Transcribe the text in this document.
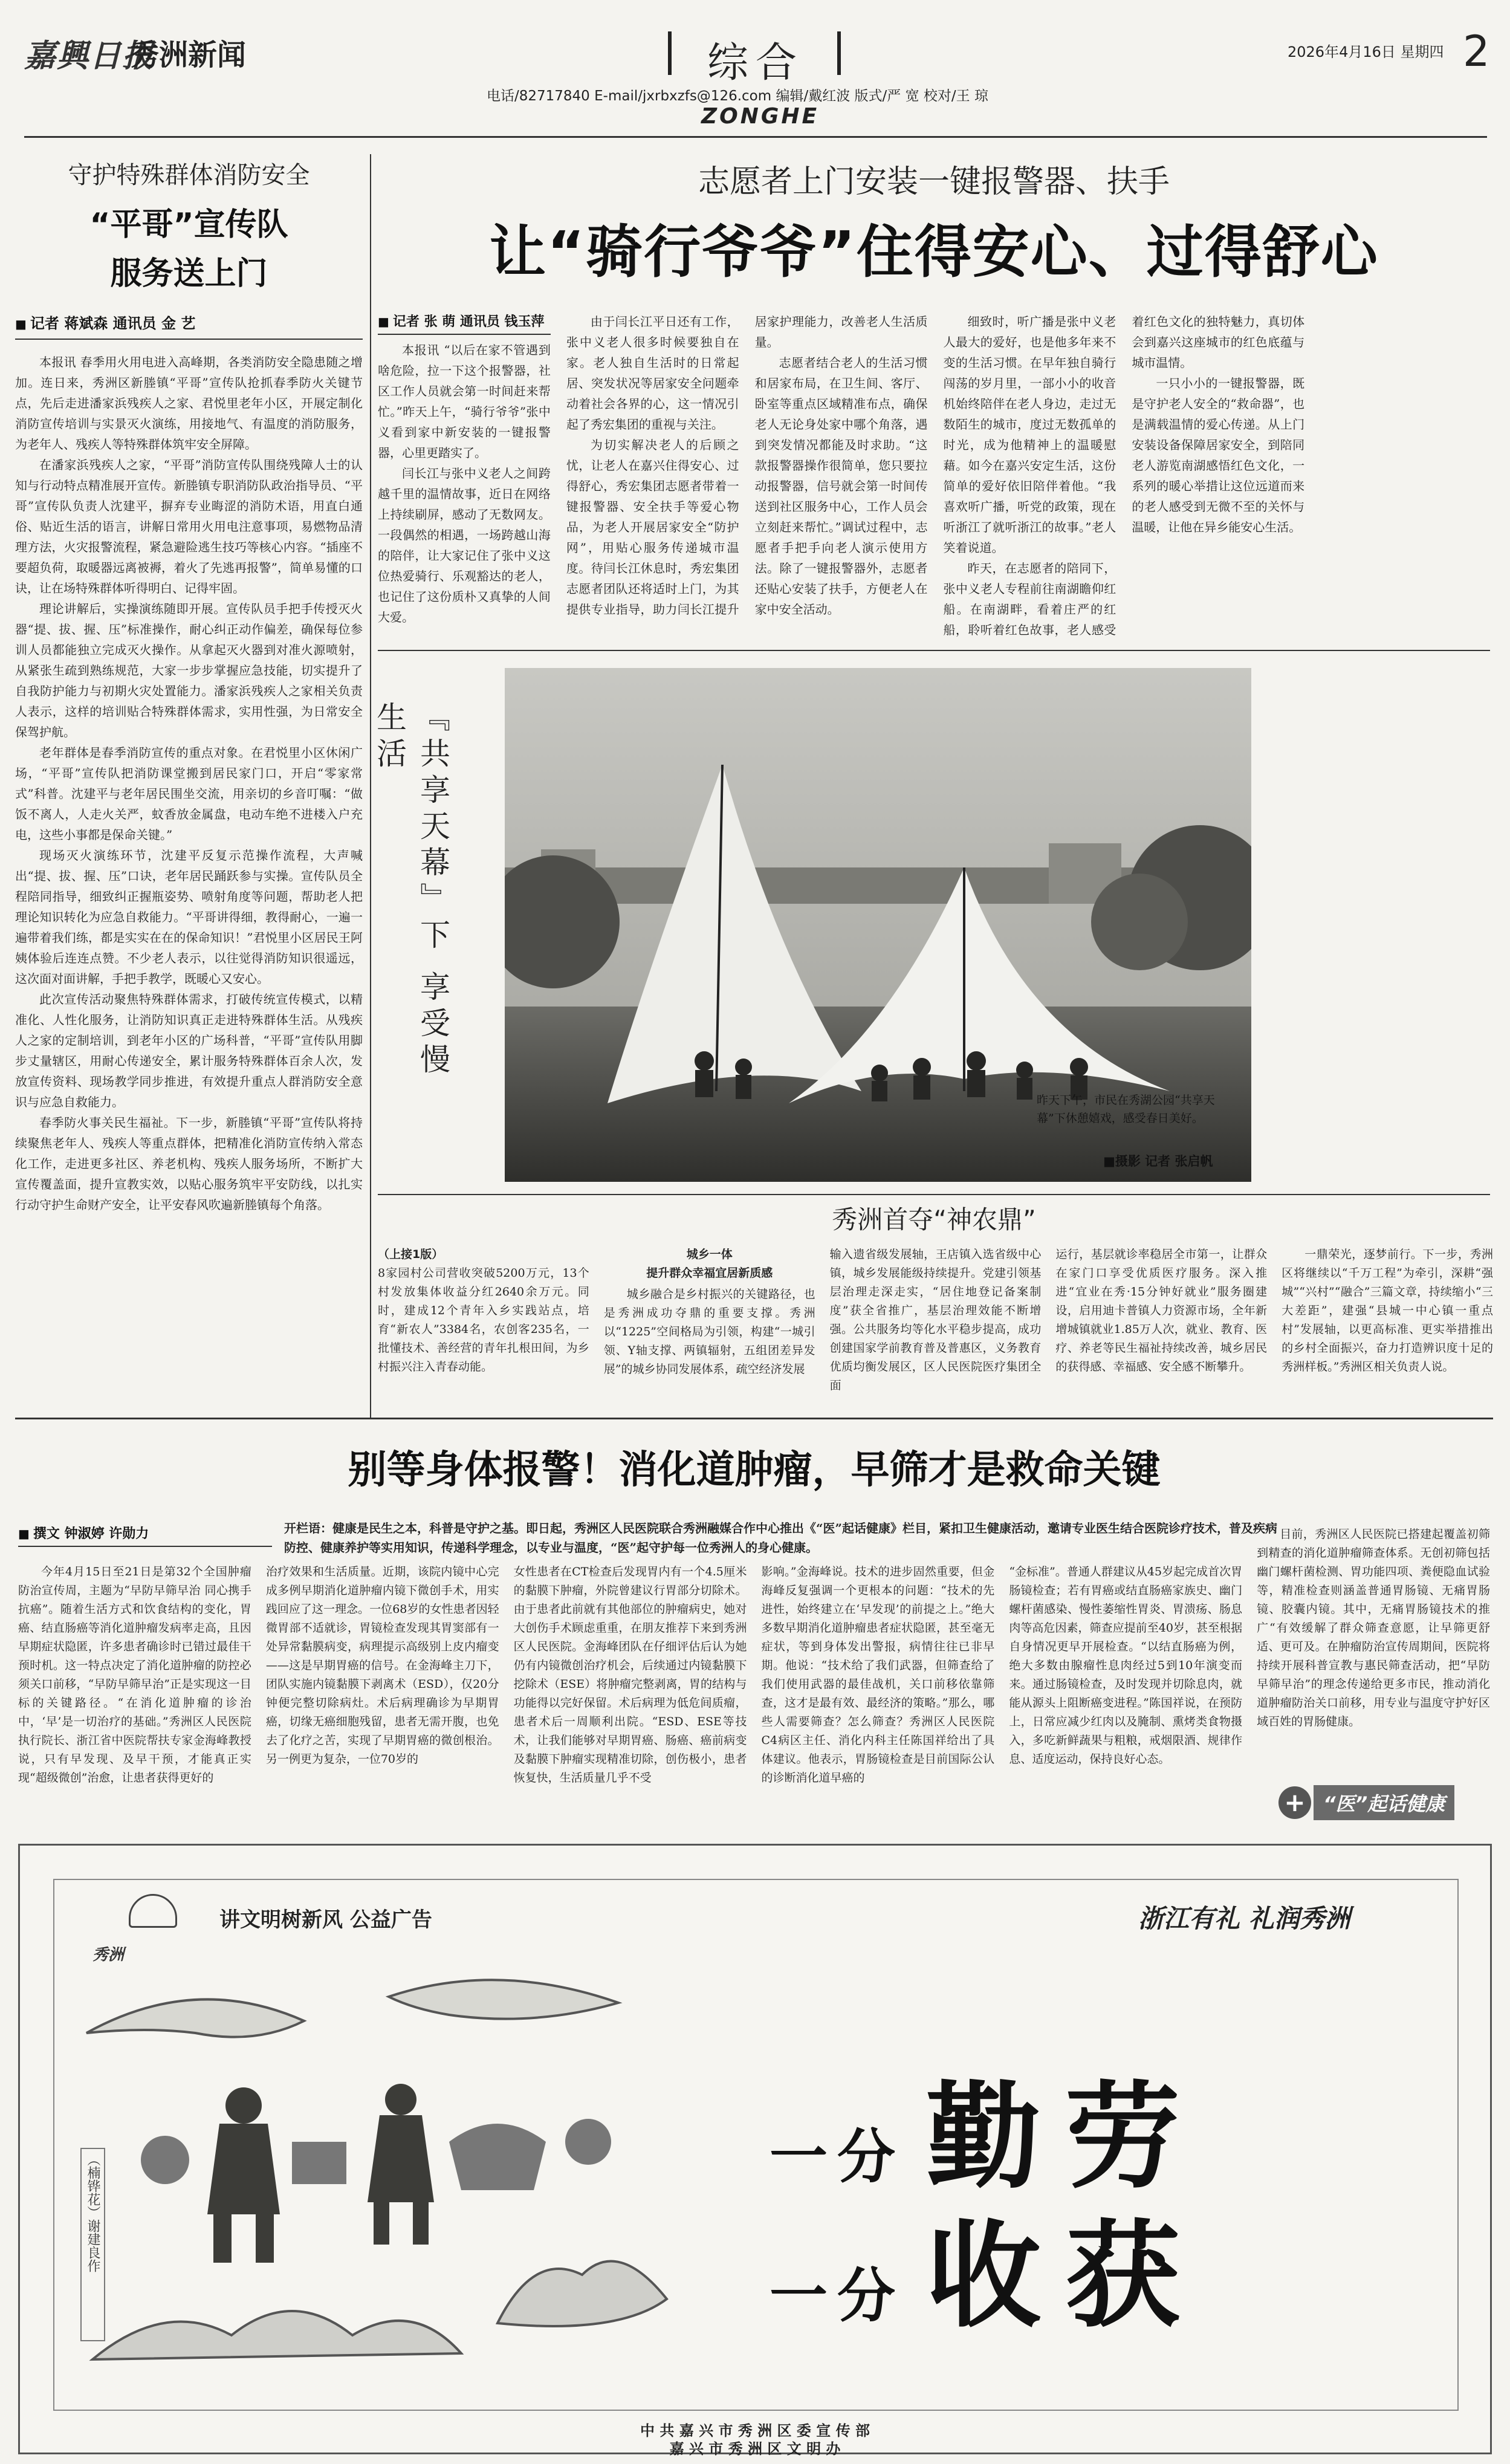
嘉興日报
秀洲新闻	综合	2026年4月16日 星期四 2
电话/82717840 E-mail/jxrbxzfs@126.com 编辑/戴红波 版式/严 宽 校对/王 琼
ZONGHE
守护特殊群体消防安全
“平哥”宣传队
服务送上门
■ 记者 蒋斌森 通讯员 金 艺

本报讯 春季用火用电进入高峰期，各类消防安全隐患随之增加。连日来，秀洲区新塍镇“平哥”宣传队抢抓春季防火关键节点，先后走进潘家浜残疾人之家、君悦里老年小区，开展定制化消防宣传培训与实景灭火演练，用接地气、有温度的消防服务，为老年人、残疾人等特殊群体筑牢安全屏障。

在潘家浜残疾人之家，“平哥”消防宣传队围绕残障人士的认知与行动特点精准展开宣传。新塍镇专职消防队政治指导员、“平哥”宣传队负责人沈建平，摒弃专业晦涩的消防术语，用直白通俗、贴近生活的语言，讲解日常用火用电注意事项，易燃物品清理方法，火灾报警流程，紧急避险逃生技巧等核心内容。“插座不要超负荷，取暖器远离被褥，着火了先逃再报警”，简单易懂的口诀，让在场特殊群体听得明白、记得牢固。

理论讲解后，实操演练随即开展。宣传队员手把手传授灭火器“提、拔、握、压”标准操作，耐心纠正动作偏差，确保每位参训人员都能独立完成灭火操作。从拿起灭火器到对准火源喷射，从紧张生疏到熟练规范，大家一步步掌握应急技能，切实提升了自我防护能力与初期火灾处置能力。潘家浜残疾人之家相关负责人表示，这样的培训贴合特殊群体需求，实用性强，为日常安全保驾护航。

老年群体是春季消防宣传的重点对象。在君悦里小区休闲广场，“平哥”宣传队把消防课堂搬到居民家门口，开启“零家常式”科普。沈建平与老年居民围坐交流，用亲切的乡音叮嘱：“做饭不离人，人走火关严，蚊香放金属盘，电动车绝不进楼入户充电，这些小事都是保命关键。”

现场灭火演练环节，沈建平反复示范操作流程，大声喊出“提、拔、握、压”口诀，老年居民踊跃参与实操。宣传队员全程陪同指导，细致纠正握瓶姿势、喷射角度等问题，帮助老人把理论知识转化为应急自救能力。“平哥讲得细，教得耐心，一遍一遍带着我们练，都是实实在在的保命知识！”君悦里小区居民王阿姨体验后连连点赞。不少老人表示，以往觉得消防知识很遥远，这次面对面讲解，手把手教学，既暖心又安心。

此次宣传活动聚焦特殊群体需求，打破传统宣传模式，以精准化、人性化服务，让消防知识真正走进特殊群体生活。从残疾人之家的定制培训，到老年小区的广场科普，“平哥”宣传队用脚步丈量辖区，用耐心传递安全，累计服务特殊群体百余人次，发放宣传资料、现场教学同步推进，有效提升重点人群消防安全意识与应急自救能力。

春季防火事关民生福祉。下一步，新塍镇“平哥”宣传队将持续聚焦老年人、残疾人等重点群体，把精准化消防宣传纳入常态化工作，走进更多社区、养老机构、残疾人服务场所，不断扩大宣传覆盖面，提升宣教实效，以贴心服务筑牢平安防线，以扎实行动守护生命财产安全，让平安春风吹遍新塍镇每个角落。

志愿者上门安装一键报警器、扶手
让“骑行爷爷”住得安心、过得舒心
■ 记者 张 萌 通讯员 钱玉萍

本报讯 “以后在家不管遇到啥危险，拉一下这个报警器，社区工作人员就会第一时间赶来帮忙。”昨天上午，“骑行爷爷”张中义看到家中新安装的一键报警器，心里更踏实了。

闫长江与张中义老人之间跨越千里的温情故事，近日在网络上持续刷屏，感动了无数网友。一段偶然的相遇，一场跨越山海的陪伴，让大家记住了张中义这位热爱骑行、乐观豁达的老人，也记住了这份质朴又真挚的人间大爱。

由于闫长江平日还有工作，张中义老人很多时候要独自在家。老人独自生活时的日常起居、突发状况等居家安全问题牵动着社会各界的心，这一情况引起了秀宏集团的重视与关注。

为切实解决老人的后顾之忧，让老人在嘉兴住得安心、过得舒心，秀宏集团志愿者带着一键报警器、安全扶手等爱心物品，为老人开展居家安全“防护网”，用贴心服务传递城市温度。待闫长江休息时，秀宏集团志愿者团队还将适时上门，为其提供专业指导，助力闫长江提升居家护理能力，改善老人生活质量。

志愿者结合老人的生活习惯和居家布局，在卫生间、客厅、卧室等重点区域精准布点，确保老人无论身处家中哪个角落，遇到突发情况都能及时求助。“这款报警器操作很简单，您只要拉动报警器，信号就会第一时间传送到社区服务中心，工作人员会立刻赶来帮忙。”调试过程中，志愿者手把手向老人演示使用方法。除了一键报警器外，志愿者还贴心安装了扶手，方便老人在家中安全活动。

细致时，听广播是张中义老人最大的爱好，也是他多年来不变的生活习惯。在早年独自骑行闯荡的岁月里，一部小小的收音机始终陪伴在老人身边，走过无数陌生的城市，度过无数孤单的时光，成为他精神上的温暖慰藉。如今在嘉兴安定生活，这份简单的爱好依旧陪伴着他。“我喜欢听广播，听党的政策，现在听浙江了就听浙江的故事。”老人笑着说道。

昨天，在志愿者的陪同下，张中义老人专程前往南湖瞻仰红船。在南湖畔，看着庄严的红船，聆听着红色故事，老人感受着红色文化的独特魅力，真切体会到嘉兴这座城市的红色底蕴与城市温情。

一只小小的一键报警器，既是守护老人安全的“救命器”，也是满载温情的爱心传递。从上门安装设备保障居家安全，到陪同老人游览南湖感悟红色文化，一系列的暖心举措让这位远道而来的老人感受到无微不至的关怀与温暖，让他在异乡能安心生活。

『共享天幕』下 享受慢生活
昨天下午，市民在秀湖公园“共享天幕”下休憩嬉戏，感受春日美好。
■摄影 记者 张启帆
秀洲首夺“神农鼎”
（上接1版）
8家园村公司营收突破5200万元，13个村发放集体收益分红2640余万元。同时，建成12个青年入乡实践站点，培育“新农人”3384名，农创客235名，一批懂技术、善经营的青年扎根田间，为乡村振兴注入青春动能。
城乡一体
提升群众幸福宜居新质感
城乡融合是乡村振兴的关键路径，也是秀洲成功夺鼎的重要支撑。秀洲以“1225”空间格局为引领，构建“一城引领、Y轴支撑、两镇辐射，五组团差异发展”的城乡协同发展体系，疏空经济发展
输入遗省级发展轴，王店镇入选省级中心镇，城乡发展能级持续提升。党建引领基层治理走深走实，“居住地登记备案制度”获全省推广，基层治理效能不断增强。公共服务均等化水平稳步提高，成功创建国家学前教育普及普惠区，义务教育优质均衡发展区，区人民医院医疗集团全面
运行，基层就诊率稳居全市第一，让群众在家门口享受优质医疗服务。深入推进“宜业在秀·15分钟好就业”服务圈建设，启用迪卡普镇人力资源市场，全年新增城镇就业1.85万人次，就业、教育、医疗、养老等民生福祉持续改善，城乡居民的获得感、幸福感、安全感不断攀升。
一鼎荣光，逐梦前行。下一步，秀洲区将继续以“千万工程”为牵引，深耕“强城”“兴村”“融合”三篇文章，持续缩小“三大差距”，建强“县城一中心镇一重点村”发展轴，以更高标准、更实举措推出的乡村全面振兴，奋力打造辨识度十足的秀洲样板。”秀洲区相关负责人说。
别等身体报警！消化道肿瘤，早筛才是救命关键
■ 撰文 钟淑婷 许勋力	开栏语：健康是民生之本，科普是守护之基。即日起，秀洲区人民医院联合秀洲融媒合作中心推出《“医”起话健康》栏目，紧扣卫生健康活动，邀请专业医生结合医院诊疗技术，普及疾病防控、健康养护等实用知识，传递科学理念，以专业与温度，“医”起守护每一位秀洲人的身心健康。
今年4月15日至21日是第32个全国肿瘤防治宣传周，主题为“早防早筛早治 同心携手抗癌”。随着生活方式和饮食结构的变化，胃癌、结直肠癌等消化道肿瘤发病率走高，且因早期症状隐匿，许多患者确诊时已错过最佳干预时机。这一特点决定了消化道肿瘤的防控必须关口前移，“早防早筛早治”正是实现这一目标的关键路径。“在消化道肿瘤的诊治中，‘早’是一切治疗的基础。”秀洲区人民医院执行院长、浙江省中医院帮扶专家金海峰教授说，只有早发现、及早干预，才能真正实现“超级微创”治愈，让患者获得更好的
治疗效果和生活质量。近期，该院内镜中心完成多例早期消化道肿瘤内镜下微创手术，用实践回应了这一理念。一位68岁的女性患者因轻微胃部不适就诊，胃镜检查发现其胃窦部有一处异常黏膜病变，病理提示高级别上皮内瘤变——这是早期胃癌的信号。在金海峰主刀下，团队实施内镜黏膜下剥离术（ESD），仅20分钟便完整切除病灶。术后病理确诊为早期胃癌，切缘无癌细胞残留，患者无需开腹，也免去了化疗之苦，实现了早期胃癌的微创根治。另一例更为复杂，一位70岁的
女性患者在CT检查后发现胃内有一个4.5厘米的黏膜下肿瘤，外院曾建议行胃部分切除术。由于患者此前就有其他部位的肿瘤病史，她对大创伤手术顾虑重重，在朋友推荐下来到秀洲区人民医院。金海峰团队在仔细评估后认为她仍有内镜微创治疗机会，后续通过内镜黏膜下挖除术（ESE）将肿瘤完整剥离，胃的结构与功能得以完好保留。术后病理为低危间质瘤，患者术后一周顺利出院。“ESD、ESE等技术，让我们能够对早期胃癌、肠癌、癌前病变及黏膜下肿瘤实现精准切除，创伤极小，患者恢复快，生活质量几乎不受
影响。”金海峰说。技术的进步固然重要，但金海峰反复强调一个更根本的问题：“技术的先进性，始终建立在‘早发现’的前提之上。”绝大多数早期消化道肿瘤患者症状隐匿，甚至毫无症状，等到身体发出警报，病情往往已非早期。他说：“技术给了我们武器，但筛查给了我们使用武器的最佳战机，关口前移依靠筛查，这才是最有效、最经济的策略。”那么，哪些人需要筛查？怎么筛查？秀洲区人民医院C4病区主任、消化内科主任陈国祥给出了具体建议。他表示，胃肠镜检查是目前国际公认的诊断消化道早癌的
“金标准”。普通人群建议从45岁起完成首次胃肠镜检查；若有胃癌或结直肠癌家族史、幽门螺杆菌感染、慢性萎缩性胃炎、胃溃疡、肠息肉等高危因素，筛查应提前至40岁，甚至根据自身情况更早开展检查。“以结直肠癌为例，绝大多数由腺瘤性息肉经过5到10年演变而来。通过肠镜检查，及时发现并切除息肉，就能从源头上阻断癌变进程。”陈国祥说，在预防上，日常应减少红肉以及腌制、熏烤类食物摄入，多吃新鲜蔬果与粗粮，戒烟限酒、规律作息、适度运动，保持良好心态。
目前，秀洲区人民医院已搭建起覆盖初筛到精查的消化道肿瘤筛查体系。无创初筛包括幽门螺杆菌检测、胃功能四项、粪便隐血试验等，精准检查则涵盖普通胃肠镜、无痛胃肠镜、胶囊内镜。其中，无痛胃肠镜技术的推广“有效缓解了群众筛查意愿，让早筛更舒适、更可及。在肿瘤防治宣传周期间，医院将持续开展科普宣教与惠民筛查活动，把“早防早筛早治”的理念传递给更多市民，推动消化道肿瘤防治关口前移，用专业与温度守护好区域百姓的胃肠健康。
+ “医”起话健康
讲文明树新风 公益广告	浙江有礼 礼润秀洲
秀洲
（楠铧花）谢建良作	一分 勤劳
一分 收获
中 共 嘉 兴 市 秀 洲 区 委 宣 传 部
嘉 兴 市 秀 洲 区 文 明 办
